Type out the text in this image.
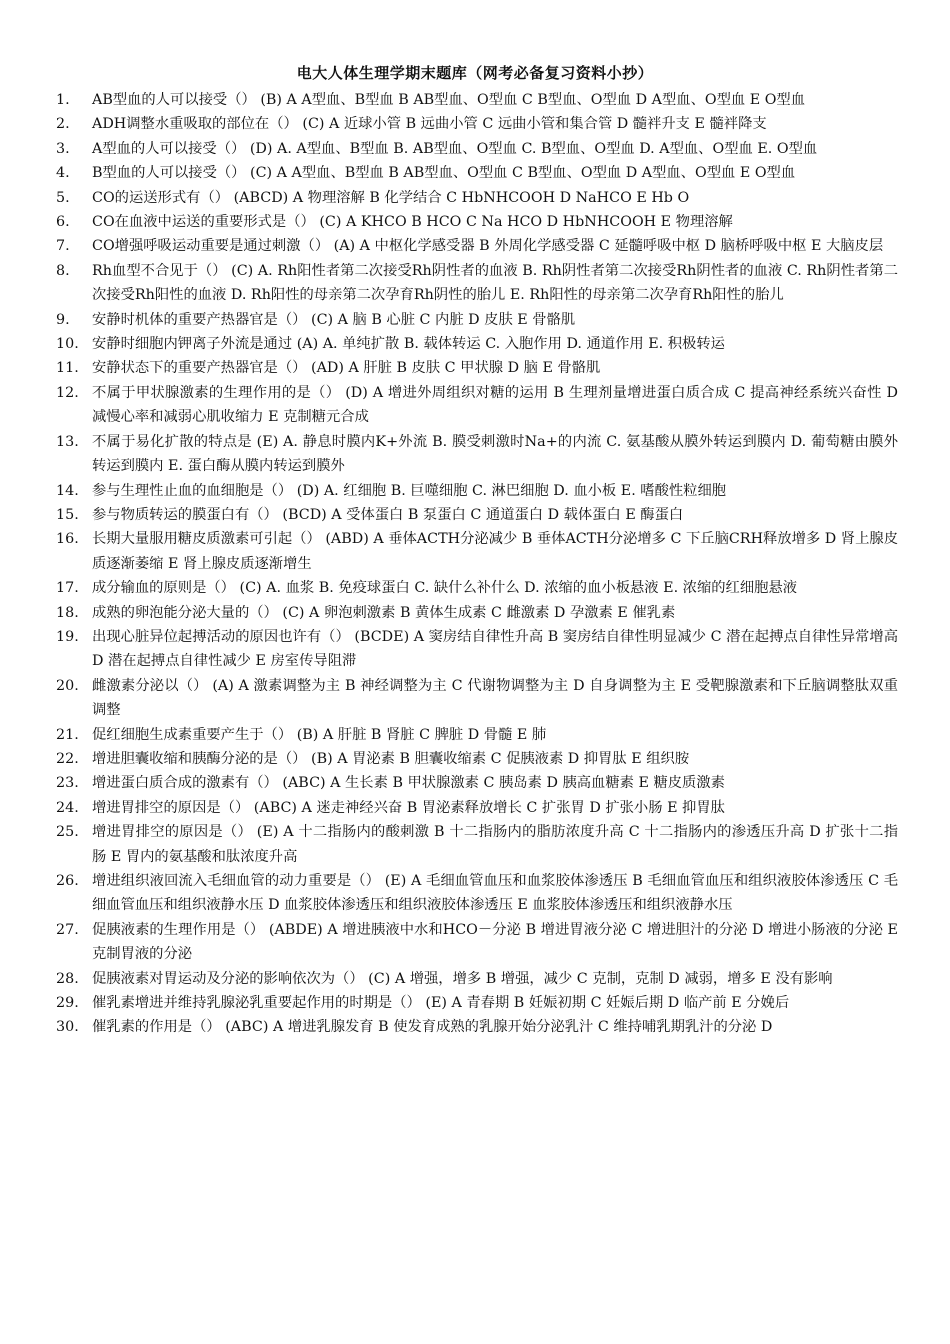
电大人体生理学期末题库（网考必备复习资料小抄）
1.	AB型血的人可以接受（） (B) A A型血、B型血 B AB型血、O型血 C B型血、O型血 D A型血、O型血 E O型血
2.	ADH调整水重吸取的部位在（） (C) A 近球小管 B 远曲小管 C 远曲小管和集合管 D 髓袢升支 E 髓袢降支
3.	A型血的人可以接受（） (D) A. A型血、B型血 B. AB型血、O型血 C. B型血、O型血 D. A型血、O型血 E. O型血
4.	B型血的人可以接受（） (C) A A型血、B型血 B AB型血、O型血 C B型血、O型血 D A型血、O型血 E O型血
5.	CO的运送形式有（） (ABCD) A 物理溶解 B 化学结合 C HbNHCOOH D NaHCO E Hb O
6.	CO在血液中运送的重要形式是（） (C) A KHCO B HCO C Na HCO D HbNHCOOH E 物理溶解
7.	CO增强呼吸运动重要是通过刺激（） (A) A 中枢化学感受器 B 外周化学感受器 C 延髓呼吸中枢 D 脑桥呼吸中枢 E 大脑皮层
8.	Rh血型不合见于（） (C) A. Rh阳性者第二次接受Rh阴性者的血液 B. Rh阴性者第二次接受Rh阴性者的血液 C. Rh阴性者第二次接受Rh阳性的血液 D. Rh阳性的母亲第二次孕育Rh阴性的胎儿 E. Rh阳性的母亲第二次孕育Rh阳性的胎儿
9.	安静时机体的重要产热器官是（） (C) A 脑 B 心脏 C 内脏 D 皮肤 E 骨骼肌
10. 安静时细胞内钾离子外流是通过 (A) A. 单纯扩散 B. 载体转运 C. 入胞作用 D. 通道作用 E. 积极转运
11. 安静状态下的重要产热器官是（） (AD) A 肝脏 B 皮肤 C 甲状腺 D 脑 E 骨骼肌
12. 不属于甲状腺激素的生理作用的是（） (D) A 增进外周组织对糖的运用 B 生理剂量增进蛋白质合成 C 提高神经系统兴奋性 D 减慢心率和减弱心肌收缩力 E 克制糖元合成
13. 不属于易化扩散的特点是 (E) A. 静息时膜内K+外流 B. 膜受刺激时Na+的内流 C. 氨基酸从膜外转运到膜内 D. 葡萄糖由膜外转运到膜内 E. 蛋白酶从膜内转运到膜外
14. 参与生理性止血的血细胞是（） (D) A. 红细胞 B. 巨噬细胞 C. 淋巴细胞 D. 血小板 E. 嗜酸性粒细胞
15. 参与物质转运的膜蛋白有（） (BCD) A 受体蛋白 B 泵蛋白 C 通道蛋白 D 载体蛋白 E 酶蛋白
16. 长期大量服用糖皮质激素可引起（） (ABD) A 垂体ACTH分泌减少 B 垂体ACTH分泌增多 C 下丘脑CRH释放增多 D 肾上腺皮质逐渐萎缩 E 肾上腺皮质逐渐增生
17. 成分输血的原则是（） (C) A. 血浆 B. 免疫球蛋白 C. 缺什么补什么 D. 浓缩的血小板悬液 E. 浓缩的红细胞悬液
18. 成熟的卵泡能分泌大量的（） (C) A 卵泡刺激素 B 黄体生成素 C 雌激素 D 孕激素 E 催乳素
19. 出现心脏异位起搏活动的原因也许有（） (BCDE) A 窦房结自律性升高 B 窦房结自律性明显减少 C 潜在起搏点自律性异常增高 D 潜在起搏点自律性减少 E 房室传导阻滞
20. 雌激素分泌以（） (A) A 激素调整为主 B 神经调整为主 C 代谢物调整为主 D 自身调整为主 E 受靶腺激素和下丘脑调整肽双重调整
21. 促红细胞生成素重要产生于（） (B) A 肝脏 B 肾脏 C 脾脏 D 骨髓 E 肺
22. 增进胆囊收缩和胰酶分泌的是（） (B) A 胃泌素 B 胆囊收缩素 C 促胰液素 D 抑胃肽 E 组织胺
23. 增进蛋白质合成的激素有（） (ABC) A 生长素 B 甲状腺激素 C 胰岛素 D 胰高血糖素 E 糖皮质激素
24. 增进胃排空的原因是（） (ABC) A 迷走神经兴奋 B 胃泌素释放增长 C 扩张胃 D 扩张小肠 E 抑胃肽
25. 增进胃排空的原因是（） (E) A 十二指肠内的酸刺激 B 十二指肠内的脂肪浓度升高 C 十二指肠内的渗透压升高 D 扩张十二指肠 E 胃内的氨基酸和肽浓度升高
26. 增进组织液回流入毛细血管的动力重要是（） (E) A 毛细血管血压和血浆胶体渗透压 B 毛细血管血压和组织液胶体渗透压 C 毛细血管血压和组织液静水压 D 血浆胶体渗透压和组织液胶体渗透压 E 血浆胶体渗透压和组织液静水压
27. 促胰液素的生理作用是（） (ABDE) A 增进胰液中水和HCO－分泌 B 增进胃液分泌 C 增进胆汁的分泌 D 增进小肠液的分泌 E 克制胃液的分泌
28. 促胰液素对胃运动及分泌的影响依次为（） (C) A 增强，增多 B 增强，减少 C 克制，克制 D 减弱，增多 E 没有影响
29. 催乳素增进并维持乳腺泌乳重要起作用的时期是（） (E) A 青春期 B 妊娠初期 C 妊娠后期 D 临产前 E 分娩后
30. 催乳素的作用是（） (ABC) A 增进乳腺发育 B 使发育成熟的乳腺开始分泌乳汁 C 维持哺乳期乳汁的分泌 D
